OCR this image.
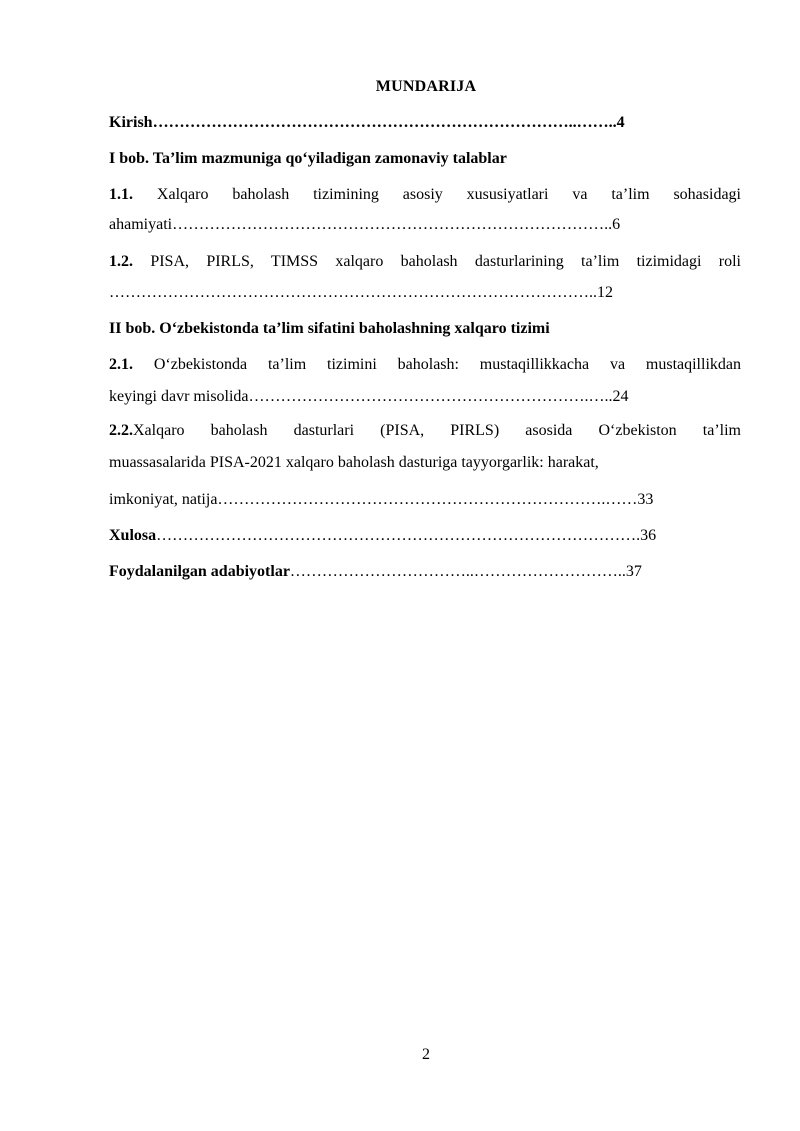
MUNDARIJA
Kirish……………………………………………………………………..……..4
I bob. Ta’lim mazmuniga qo‘yiladigan zamonaviy talablar
1.1. Xalqaro baholash tizimining asosiy xususiyatlari va ta’lim sohasidagi
ahamiyati………………………………………………………………………..6
1.2. PISA, PIRLS, TIMSS xalqaro baholash dasturlarining ta’lim tizimidagi roli
………………………………………………………………………………..12
II bob. O‘zbekistonda ta’lim sifatini baholashning xalqaro tizimi
2.1. O‘zbekistonda ta’lim tizimini baholash: mustaqillikkacha va mustaqillikdan
keyingi davr misolida……………………………………………………….…..24
2.2.Xalqaro baholash dasturlari (PISA, PIRLS) asosida O‘zbekiston ta’lim
muassasalarida PISA-2021 xalqaro baholash dasturiga tayyorgarlik: harakat,
imkoniyat, natija……………………………………………………………….……33
Xulosa……………………………………………………………………………….36
Foydalanilgan adabiyotlar……………………………..………………………..37
2
